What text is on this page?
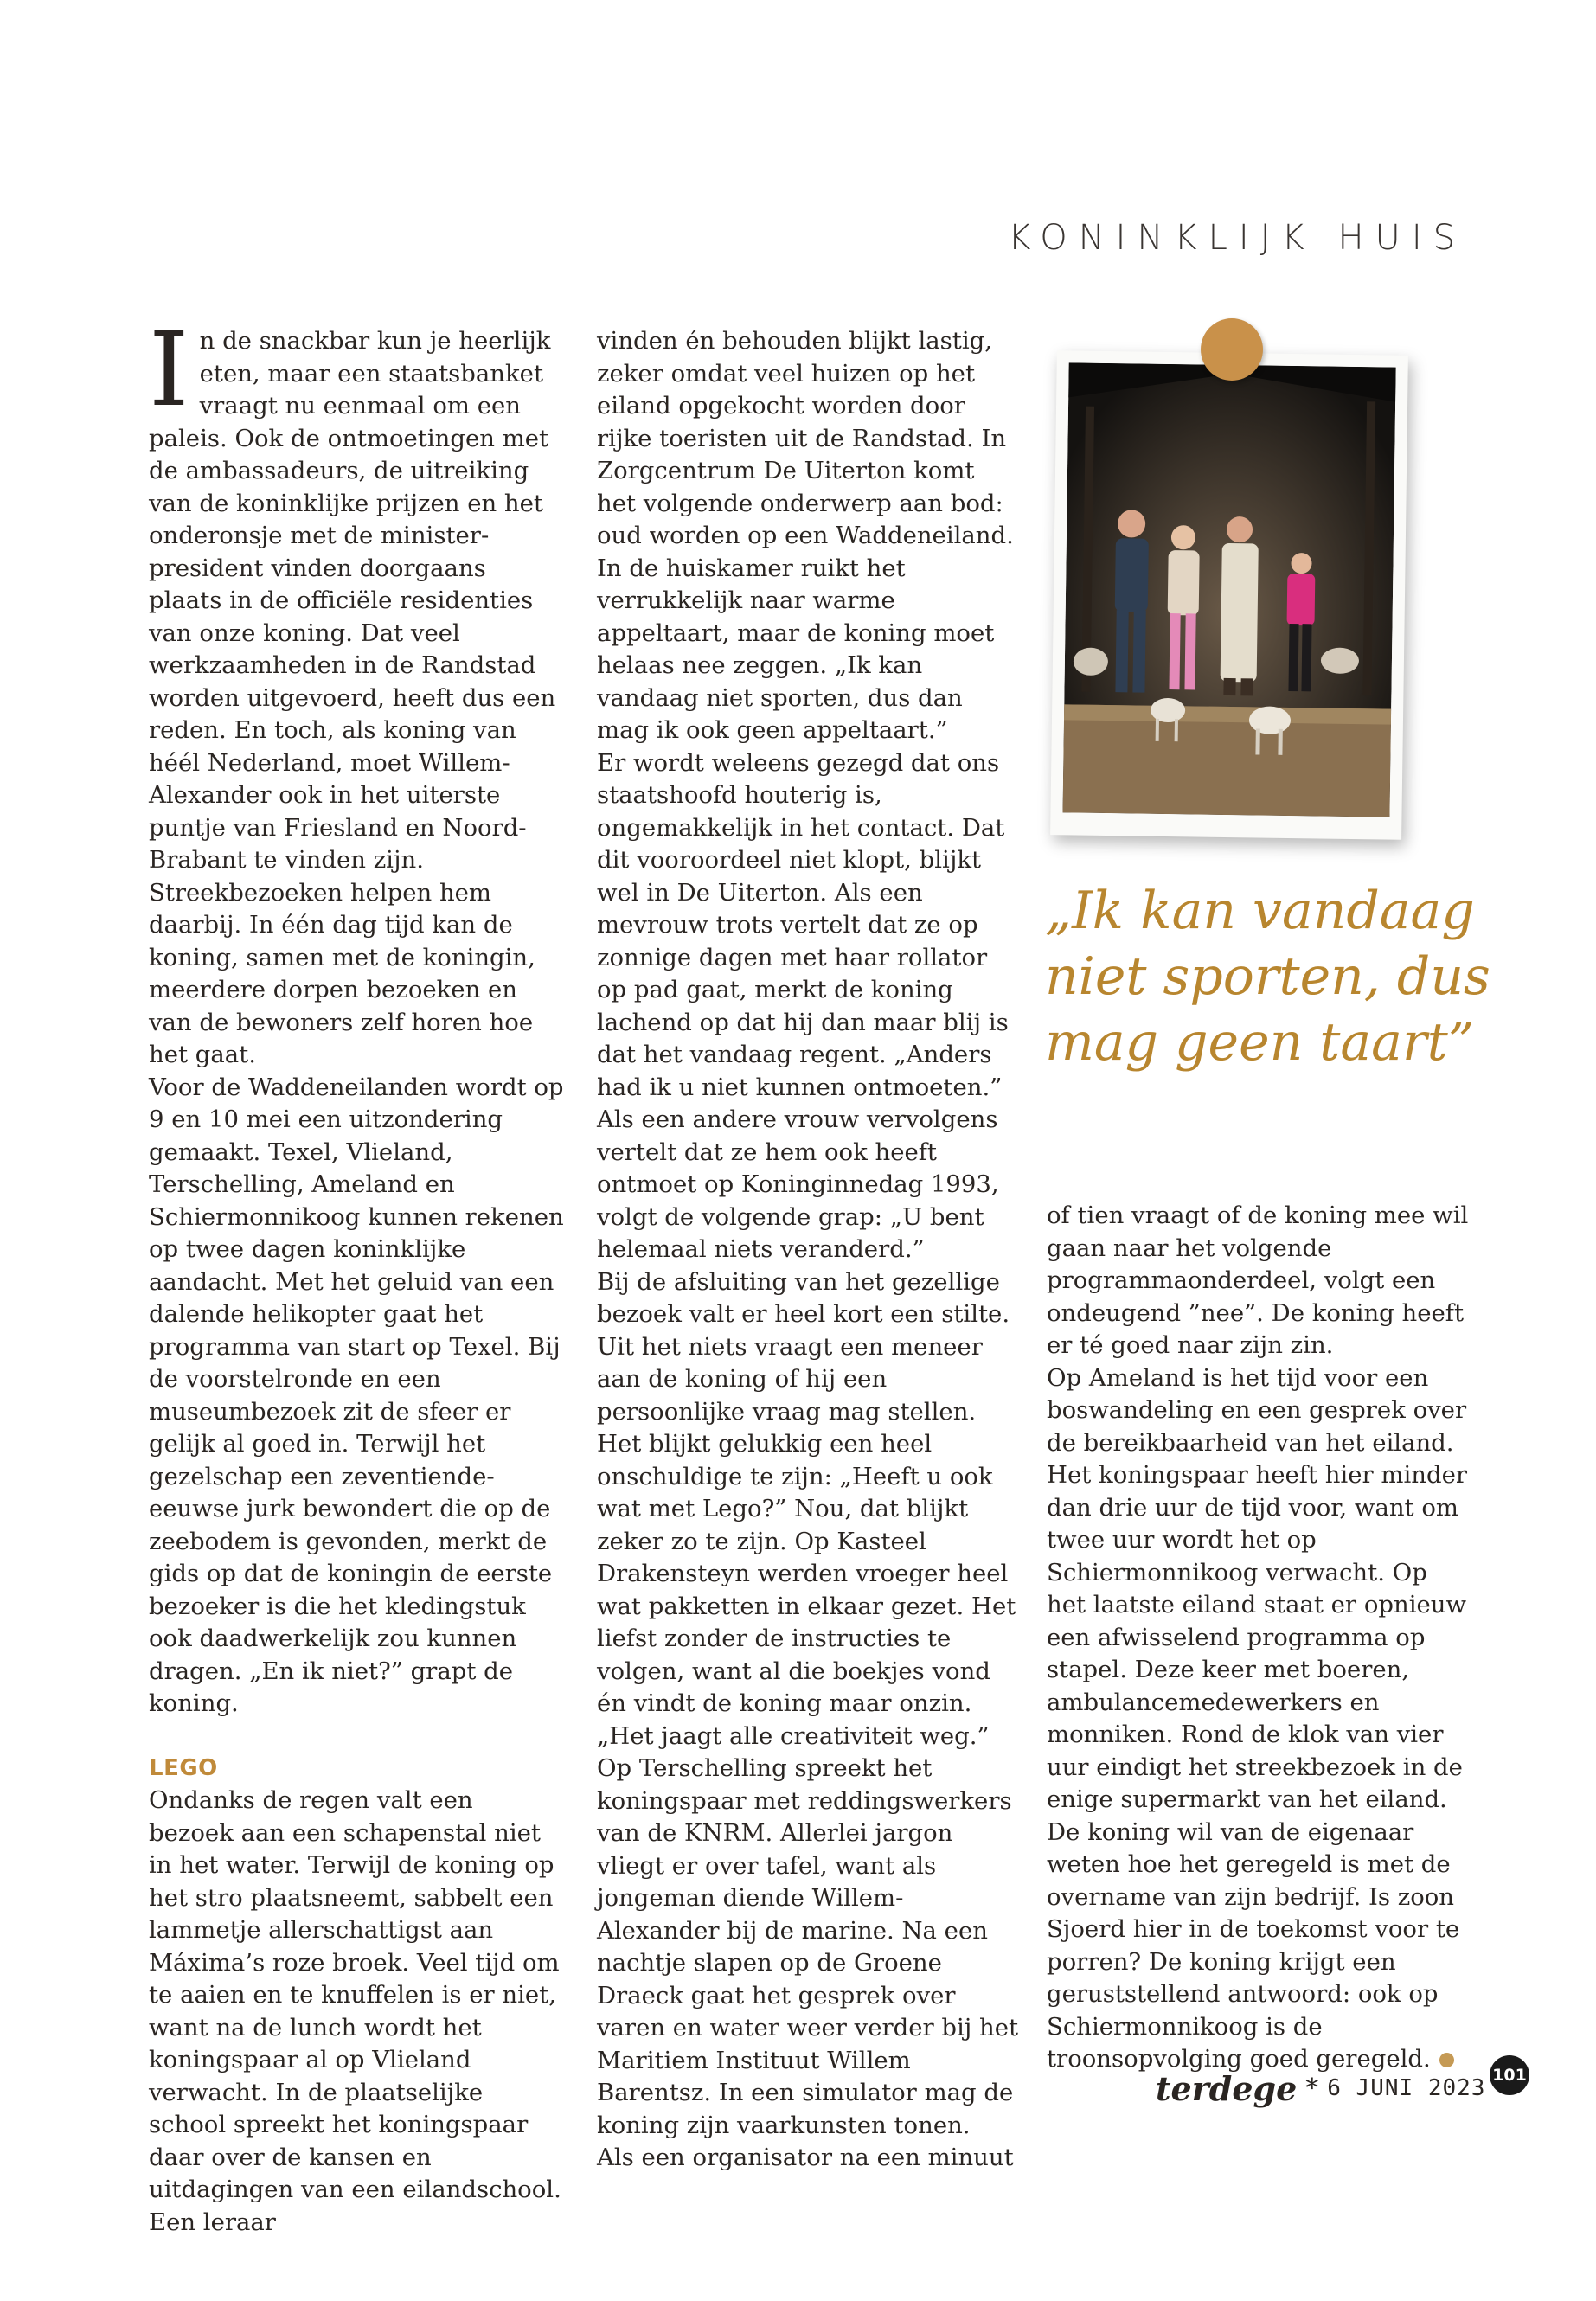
KONINKLIJK HUIS

In de snackbar kun je heerlijk eten, maar een staatsbanket vraagt nu eenmaal om een paleis. Ook de ontmoetingen met de ambassadeurs, de uitreiking van de koninklijke prijzen en het onderonsje met de minister-president vinden doorgaans plaats in de officiële residenties van onze koning. Dat veel werkzaamheden in de Randstad worden uitgevoerd, heeft dus een reden. En toch, als koning van héél Nederland, moet Willem-Alexander ook in het uiterste puntje van Friesland en Noord-Brabant te vinden zijn. Streekbezoeken helpen hem daarbij. In één dag tijd kan de koning, samen met de koningin, meerdere dorpen bezoeken en van de bewoners zelf horen hoe het gaat.

Voor de Waddeneilanden wordt op 9 en 10 mei een uitzondering gemaakt. Texel, Vlieland, Terschelling, Ameland en Schiermonnikoog kunnen rekenen op twee dagen koninklijke aandacht. Met het geluid van een dalende helikopter gaat het programma van start op Texel. Bij de voorstelronde en een museumbezoek zit de sfeer er gelijk al goed in. Terwijl het gezelschap een zeventiende-eeuwse jurk bewondert die op de zeebodem is gevonden, merkt de gids op dat de koningin de eerste bezoeker is die het kledingstuk ook daadwerkelijk zou kunnen dragen. „En ik niet?” grapt de koning.

LEGO

Ondanks de regen valt een bezoek aan een schapenstal niet in het water. Terwijl de koning op het stro plaatsneemt, sabbelt een lammetje allerschattigst aan Máxima’s roze broek. Veel tijd om te aaien en te knuffelen is er niet, want na de lunch wordt het koningspaar al op Vlieland verwacht. In de plaatselijke school spreekt het koningspaar daar over de kansen en uitdagingen van een eilandschool. Een leraar

vinden én behouden blijkt lastig, zeker omdat veel huizen op het eiland opgekocht worden door rijke toeristen uit de Randstad. In Zorgcentrum De Uiterton komt het volgende onderwerp aan bod: oud worden op een Waddeneiland. In de huiskamer ruikt het verrukkelijk naar warme appeltaart, maar de koning moet helaas nee zeggen. „Ik kan vandaag niet sporten, dus dan mag ik ook geen appeltaart.”

Er wordt weleens gezegd dat ons staatshoofd houterig is, ongemakkelijk in het contact. Dat dit vooroordeel niet klopt, blijkt wel in De Uiterton. Als een mevrouw trots vertelt dat ze op zonnige dagen met haar rollator op pad gaat, merkt de koning lachend op dat hij dan maar blij is dat het vandaag regent. „Anders had ik u niet kunnen ontmoeten.” Als een andere vrouw vervolgens vertelt dat ze hem ook heeft ontmoet op Koninginnedag 1993, volgt de volgende grap: „U bent helemaal niets veranderd.”

Bij de afsluiting van het gezellige bezoek valt er heel kort een stilte. Uit het niets vraagt een meneer aan de koning of hij een persoonlijke vraag mag stellen. Het blijkt gelukkig een heel onschuldige te zijn: „Heeft u ook wat met Lego?” Nou, dat blijkt zeker zo te zijn. Op Kasteel Drakensteyn werden vroeger heel wat pakketten in elkaar gezet. Het liefst zonder de instructies te volgen, want al die boekjes vond én vindt de koning maar onzin. „Het jaagt alle creativiteit weg.”

Op Terschelling spreekt het koningspaar met reddingswerkers van de KNRM. Allerlei jargon vliegt er over tafel, want als jongeman diende Willem-Alexander bij de marine. Na een nachtje slapen op de Groene Draeck gaat het gesprek over varen en water weer verder bij het Maritiem Instituut Willem Barentsz. In een simulator mag de koning zijn vaarkunsten tonen.

Als een organisator na een minuut

„Ik kan vandaag niet sporten, dus mag geen taart”

of tien vraagt of de koning mee wil gaan naar het volgende programmaonderdeel, volgt een ondeugend ”nee”. De koning heeft er té goed naar zijn zin.

Op Ameland is het tijd voor een boswandeling en een gesprek over de bereikbaarheid van het eiland. Het koningspaar heeft hier minder dan drie uur de tijd voor, want om twee uur wordt het op Schiermonnikoog verwacht. Op het laatste eiland staat er opnieuw een afwisselend programma op stapel. Deze keer met boeren, ambulancemedewerkers en monniken. Rond de klok van vier uur eindigt het streekbezoek in de enige supermarkt van het eiland. De koning wil van de eigenaar weten hoe het geregeld is met de overname van zijn bedrijf. Is zoon Sjoerd hier in de toekomst voor te porren? De koning krijgt een geruststellend antwoord: ook op Schiermonnikoog is de troonsopvolging goed geregeld.

terdege * 6 JUNI 2023 101
